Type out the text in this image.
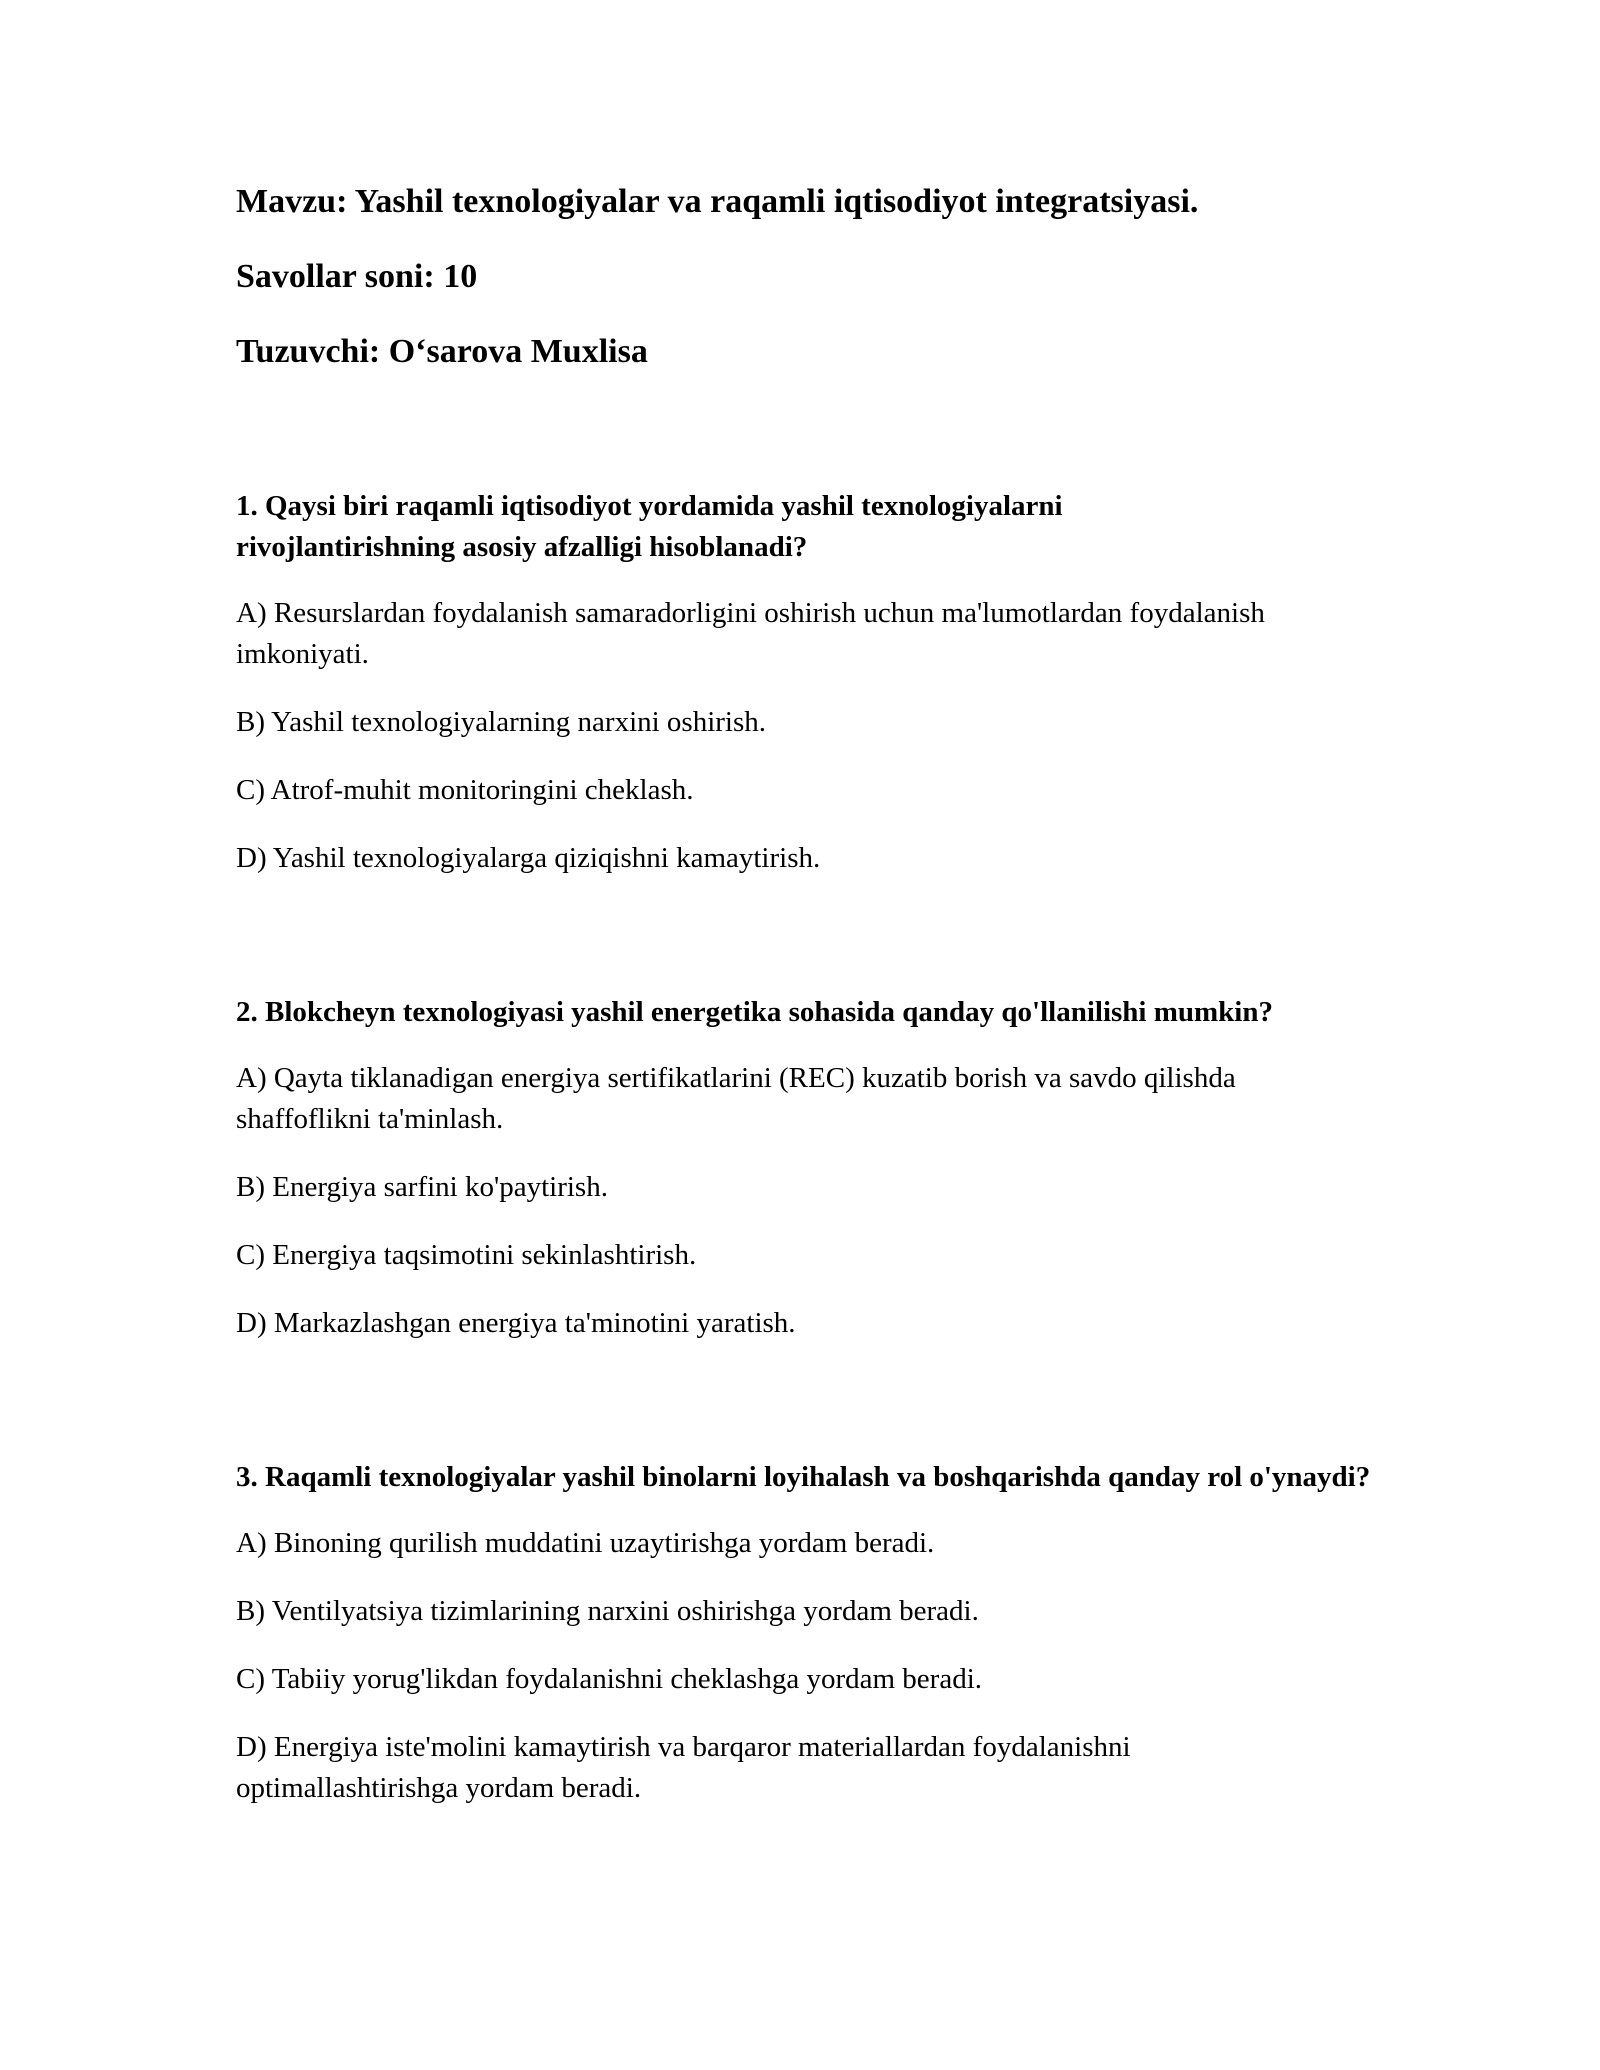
Mavzu: Yashil texnologiyalar va raqamli iqtisodiyot integratsiyasi.

Savollar soni: 10

Tuzuvchi: O‘sarova Muxlisa

1. Qaysi biri raqamli iqtisodiyot yordamida yashil texnologiyalarni rivojlantirishning asosiy afzalligi hisoblanadi?

A) Resurslardan foydalanish samaradorligini oshirish uchun ma'lumotlardan foydalanish imkoniyati.

B) Yashil texnologiyalarning narxini oshirish.

C) Atrof-muhit monitoringini cheklash.

D) Yashil texnologiyalarga qiziqishni kamaytirish.

2. Blokcheyn texnologiyasi yashil energetika sohasida qanday qo'llanilishi mumkin?

A) Qayta tiklanadigan energiya sertifikatlarini (REC) kuzatib borish va savdo qilishda shaffoflikni ta'minlash.

B) Energiya sarfini ko'paytirish.

C) Energiya taqsimotini sekinlashtirish.

D) Markazlashgan energiya ta'minotini yaratish.

3. Raqamli texnologiyalar yashil binolarni loyihalash va boshqarishda qanday rol o'ynaydi?

A) Binoning qurilish muddatini uzaytirishga yordam beradi.

B) Ventilyatsiya tizimlarining narxini oshirishga yordam beradi.

C) Tabiiy yorug'likdan foydalanishni cheklashga yordam beradi.

D) Energiya iste'molini kamaytirish va barqaror materiallardan foydalanishni optimallashtirishga yordam beradi.
